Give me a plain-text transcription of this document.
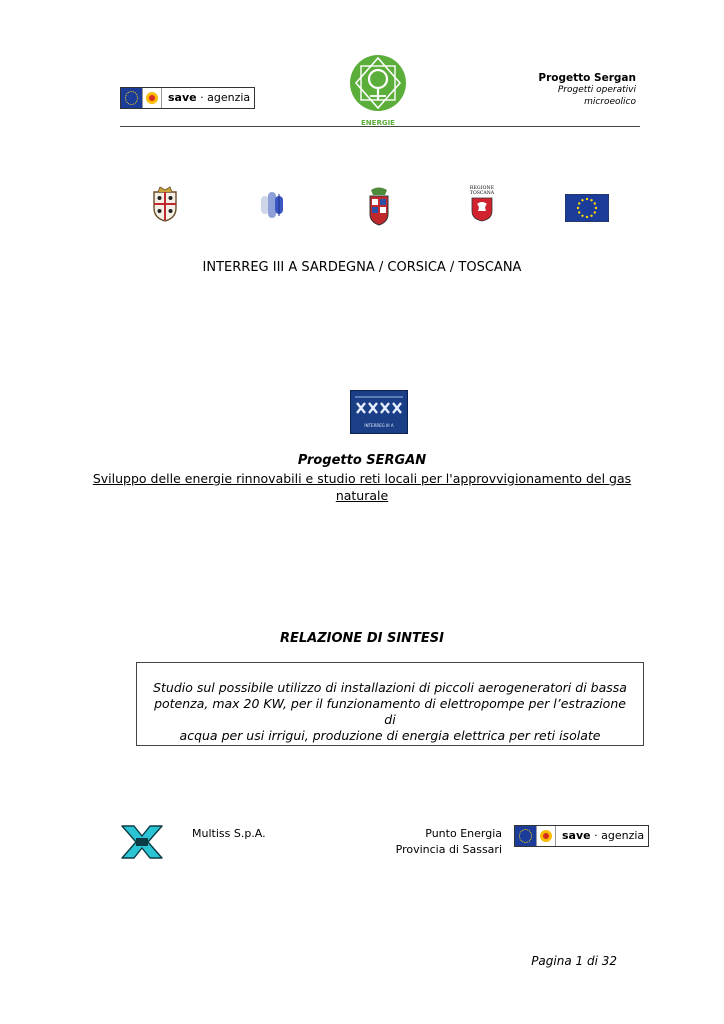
save · agenzia
ENERGIE
Progetto Sergan
Progetti operativi
microeolico
REGIONE
TOSCANA
INTERREG III A SARDEGNA / CORSICA / TOSCANA
INTERREG III A
Progetto SERGAN
Sviluppo delle energie rinnovabili e studio reti locali per l'approvvigionamento del gas
naturale
RELAZIONE DI SINTESI
Studio sul possibile utilizzo di installazioni di piccoli aerogeneratori di bassa
potenza, max 20 KW, per il funzionamento di elettropompe per l’estrazione di
acqua per usi irrigui, produzione di energia elettrica per reti isolate
Multiss S.p.A.	Punto Energia
Provincia di Sassari
save · agenzia
Pagina 1 di 32
